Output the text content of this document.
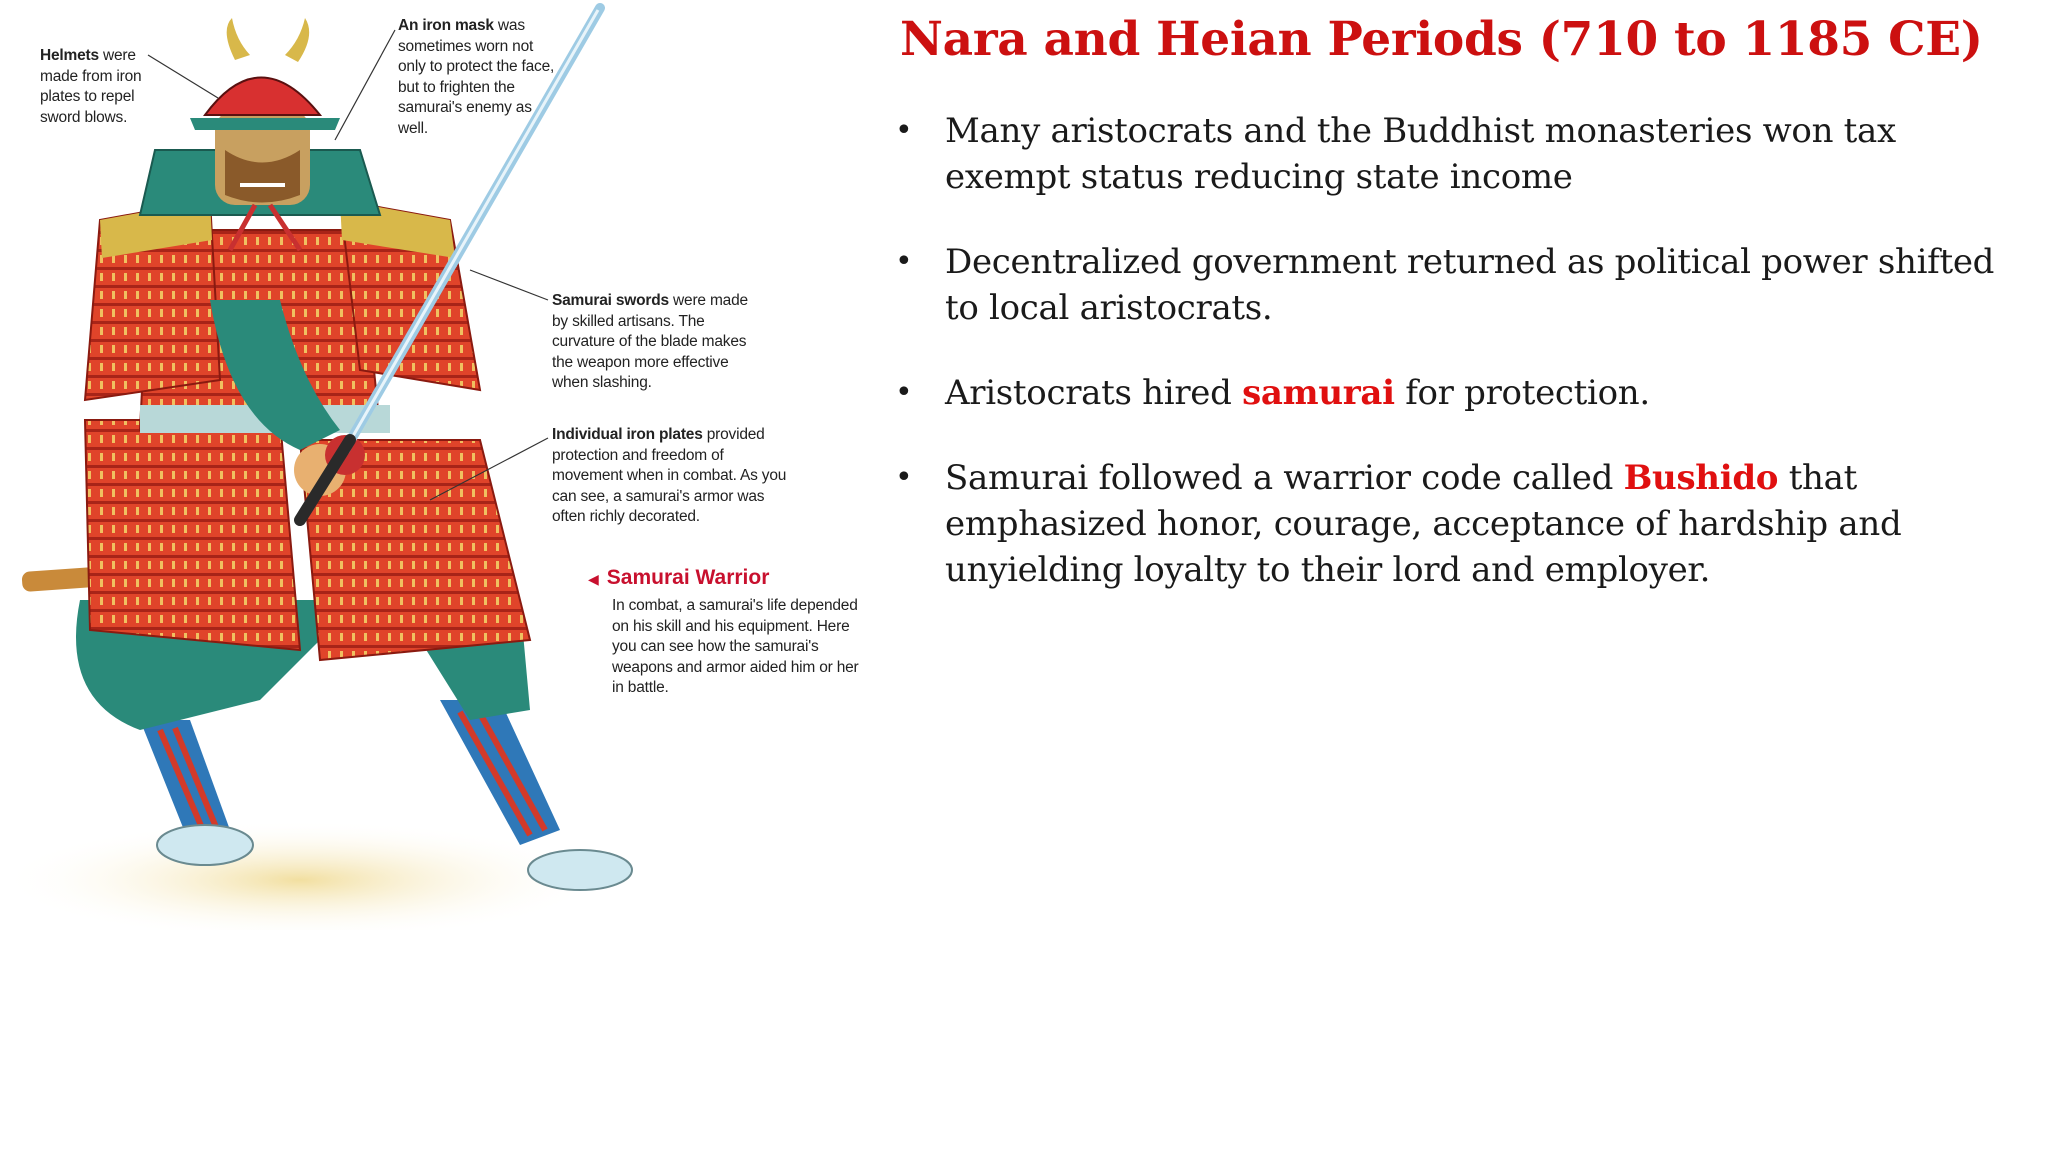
Helmets were made from iron plates to repel sword blows.
An iron mask was sometimes worn not only to protect the face, but to frighten the samurai's enemy as well.
Samurai swords were made by skilled artisans. The curvature of the blade makes the weapon more effective when slashing.
Individual iron plates provided protection and freedom of movement when in combat. As you can see, a samurai's armor was often richly decorated.
◀ Samurai Warrior
In combat, a samurai's life depended on his skill and his equipment. Here you can see how the samurai's weapons and armor aided him or her in battle.
Nara and Heian Periods (710 to 1185 CE)
• Many aristocrats and the Buddhist monasteries won tax exempt status reducing state income
• Decentralized government returned as political power shifted to local aristocrats.
• Aristocrats hired samurai for protection.
• Samurai followed a warrior code called Bushido that emphasized honor, courage, acceptance of hardship and unyielding loyalty to their lord and employer.
